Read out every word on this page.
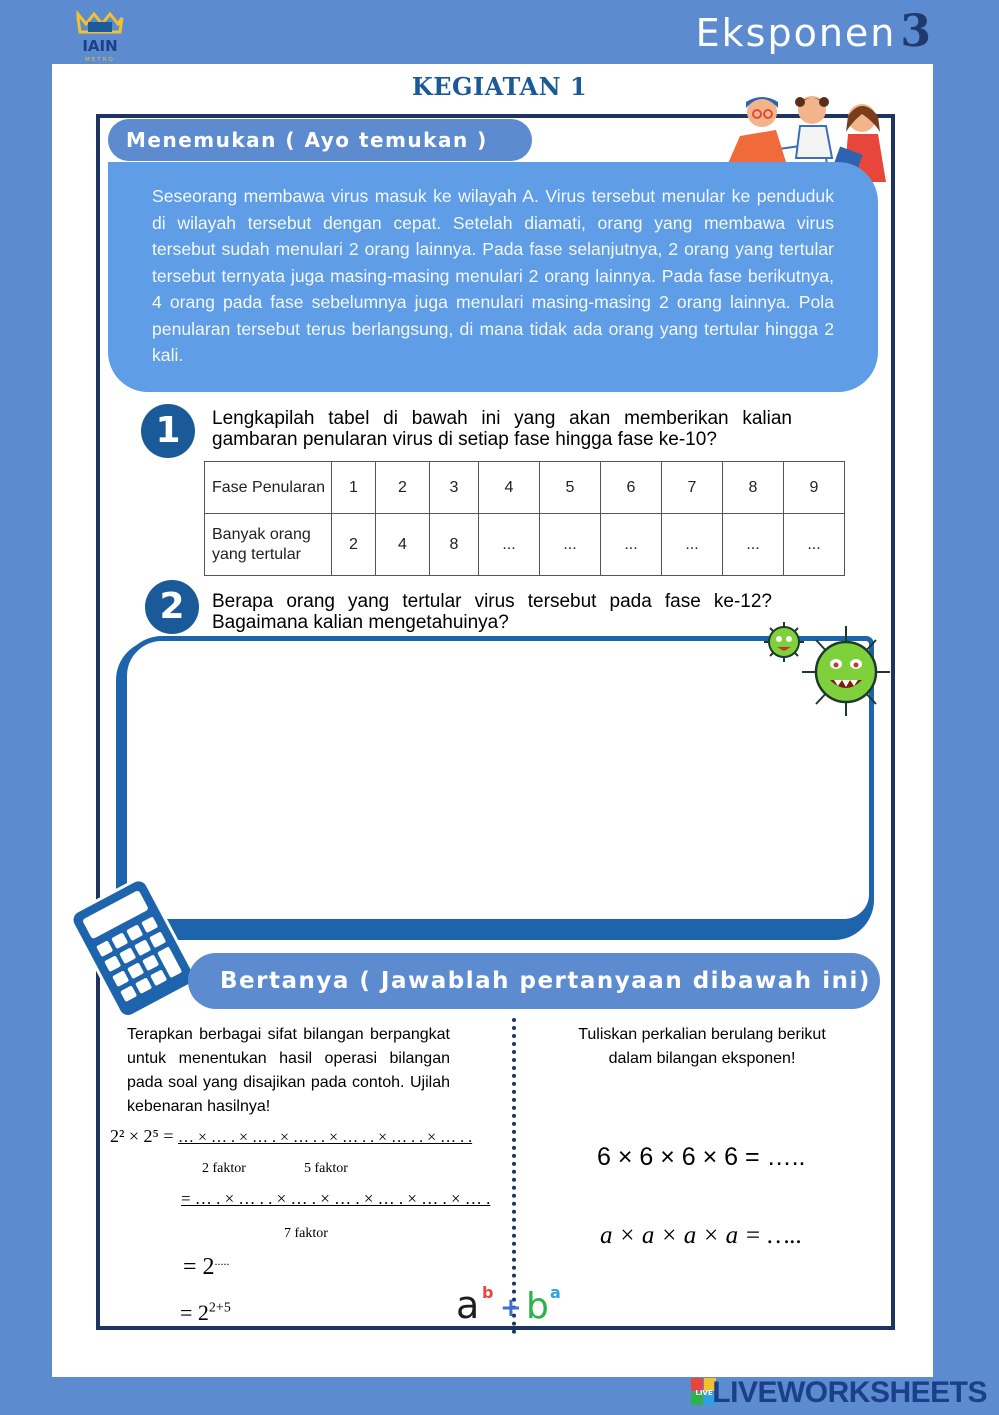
IAIN
METRO
Eksponen3
KEGIATAN 1
Menemukan ( Ayo temukan )
Seseorang membawa virus masuk ke wilayah A. Virus tersebut menular ke penduduk di wilayah tersebut dengan cepat. Setelah diamati, orang yang membawa virus tersebut sudah menulari 2 orang lainnya. Pada fase selanjutnya, 2 orang yang tertular tersebut ternyata juga masing-masing menulari 2 orang lainnya. Pada fase berikutnya, 4 orang pada fase sebelumnya juga menulari masing-masing 2 orang lainnya. Pola penularan tersebut terus berlangsung, di mana tidak ada orang yang tertular hingga 2 kali.
1	Lengkapilah tabel di bawah ini yang akan memberikan kalian gambaran penularan virus di setiap fase hingga fase ke-10?
Fase Penularan	1	2	3	4	5	6	7	8	9
Banyak orang yang tertular	2	4	8	...	...	...	...	...	...
2	Berapa orang yang tertular virus tersebut pada fase ke-12? Bagaimana kalian mengetahuinya?
Bertanya ( Jawablah pertanyaan dibawah ini)
Terapkan berbagai sifat bilangan berpangkat untuk menentukan hasil operasi bilangan pada soal yang disajikan pada contoh. Ujilah kebenaran hasilnya!
2² × 2⁵ = … × … . × … . × … . . × … . . × … . . × … . .
2 faktor	5 faktor
= … . × … . . × … . × … . × … . × … . × … .
7 faktor
= 2.....
= $2^{2+5}$	a b
+ b a
Tuliskan perkalian berulang berikut dalam bilangan eksponen!
6 × 6 × 6 × 6 = …..
a × a × a × a = …..
LIVE LIVEWORKSHEETS
